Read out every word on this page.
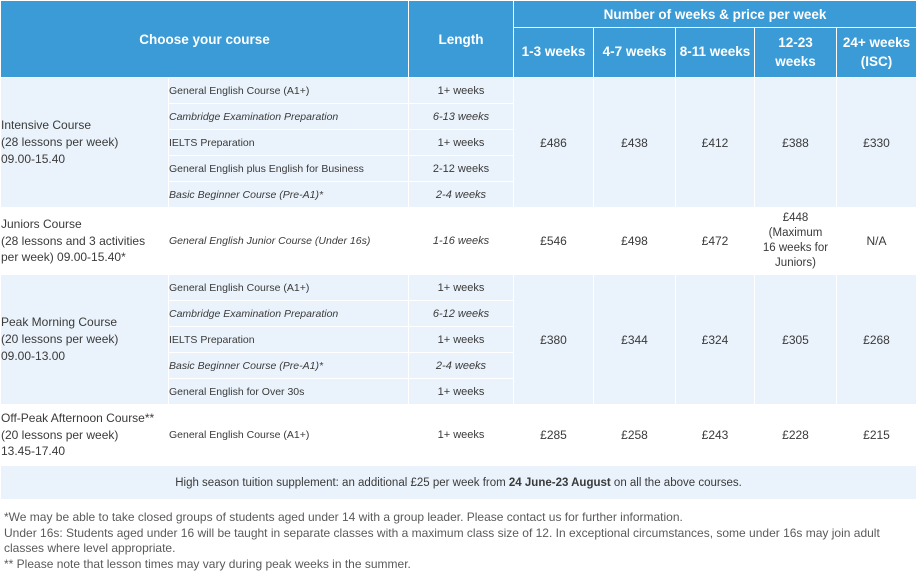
Choose your course		Length	Number of weeks & price per week				
			1-3 weeks	4-7 weeks	8-11 weeks	12-23
weeks	24+ weeks
(ISC)
Intensive Course
(28 lessons per week)
09.00-15.40	General English Course (A1+)	1+ weeks	£486	£438	£412	£388	£330
	Cambridge Examination Preparation	6-13 weeks					
	IELTS Preparation	1+ weeks					
	General English plus English for Business	2-12 weeks					
	Basic Beginner Course (Pre-A1)*	2-4 weeks					
Juniors Course
(28 lessons and 3 activities
per week) 09.00-15.40*	General English Junior Course (Under 16s)	1-16 weeks	£546	£498	£472	£448
(Maximum
16 weeks for
Juniors)	N/A
Peak Morning Course
(20 lessons per week)
09.00-13.00	General English Course (A1+)	1+ weeks	£380	£344	£324	£305	£268
	Cambridge Examination Preparation	6-12 weeks					
	IELTS Preparation	1+ weeks					
	Basic Beginner Course (Pre-A1)*	2-4 weeks					
	General English for Over 30s	1+ weeks					
Off-Peak Afternoon Course**
(20 lessons per week)
13.45-17.40	General English Course (A1+)	1+ weeks	£285	£258	£243	£228	£215
High season tuition supplement: an additional £25 per week from 24 June-23 August on all the above courses.							

*We may be able to take closed groups of students aged under 14 with a group leader. Please contact us for further information.

Under 16s: Students aged under 16 will be taught in separate classes with a maximum class size of 12. In exceptional circumstances, some under 16s may join adult classes where level appropriate.

** Please note that lesson times may vary during peak weeks in the summer.
